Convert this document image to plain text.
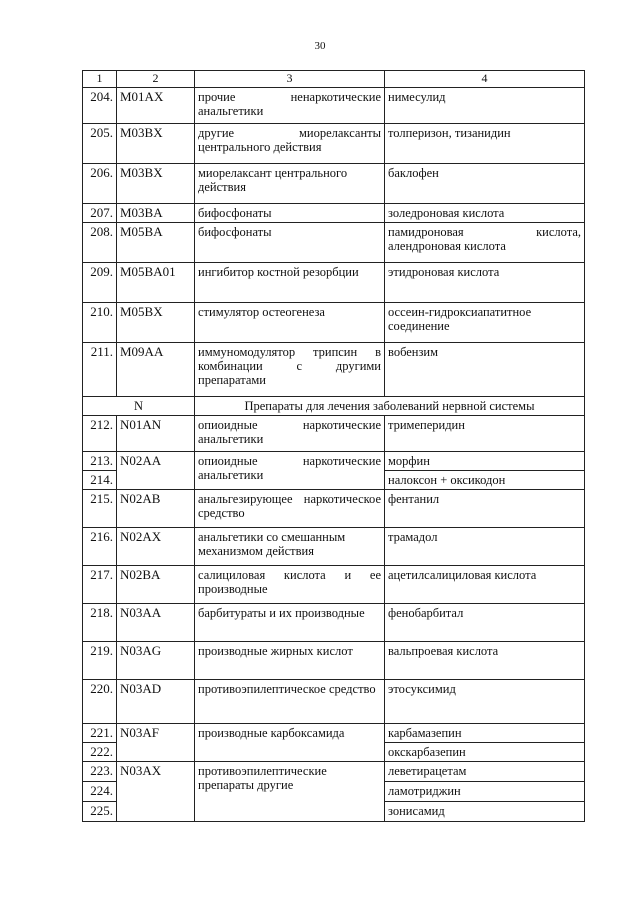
30
1	2	3	4
204.	M01AX	прочие ненаркотические анальгетики	нимесулид
205.	M03BX	другие миорелаксанты центрального действия	толперизон, тизанидин
206.	M03BX	миорелаксант центрального действия	баклофен
207.	M03BA	бифосфонаты	золедроновая кислота
208.	M05BA	бифосфонаты	памидроновая кислота, алендроновая кислота
209.	M05BA01	ингибитор костной резорбции	этидроновая кислота
210.	M05BX	стимулятор остеогенеза	оссеин-гидроксиапатитное соединение
211.	M09AA	иммуномодулятор трипсин в комбинации с другими препаратами	вобензим
N		Препараты для лечения заболеваний нервной системы	
212.	N01AN	опиоидные наркотические анальгетики	тримеперидин
213.	N02AA	опиоидные наркотические анальгетики	морфин
214.			налоксон + оксикодон
215.	N02AB	анальгезирующее наркотическое средство	фентанил
216.	N02AX	анальгетики со смешанным механизмом действия	трамадол
217.	N02BA	салициловая кислота и ее производные	ацетилсалициловая кислота
218.	N03AA	барбитураты и их производные	фенобарбитал
219.	N03AG	производные жирных кислот	вальпроевая кислота
220.	N03AD	противоэпилептическое средство	этосуксимид
221.	N03AF	производные карбоксамида	карбамазепин
222.			окскарбазепин
223.	N03AX	противоэпилептические препараты другие	леветирацетам
224.			ламотриджин
225.			зонисамид
